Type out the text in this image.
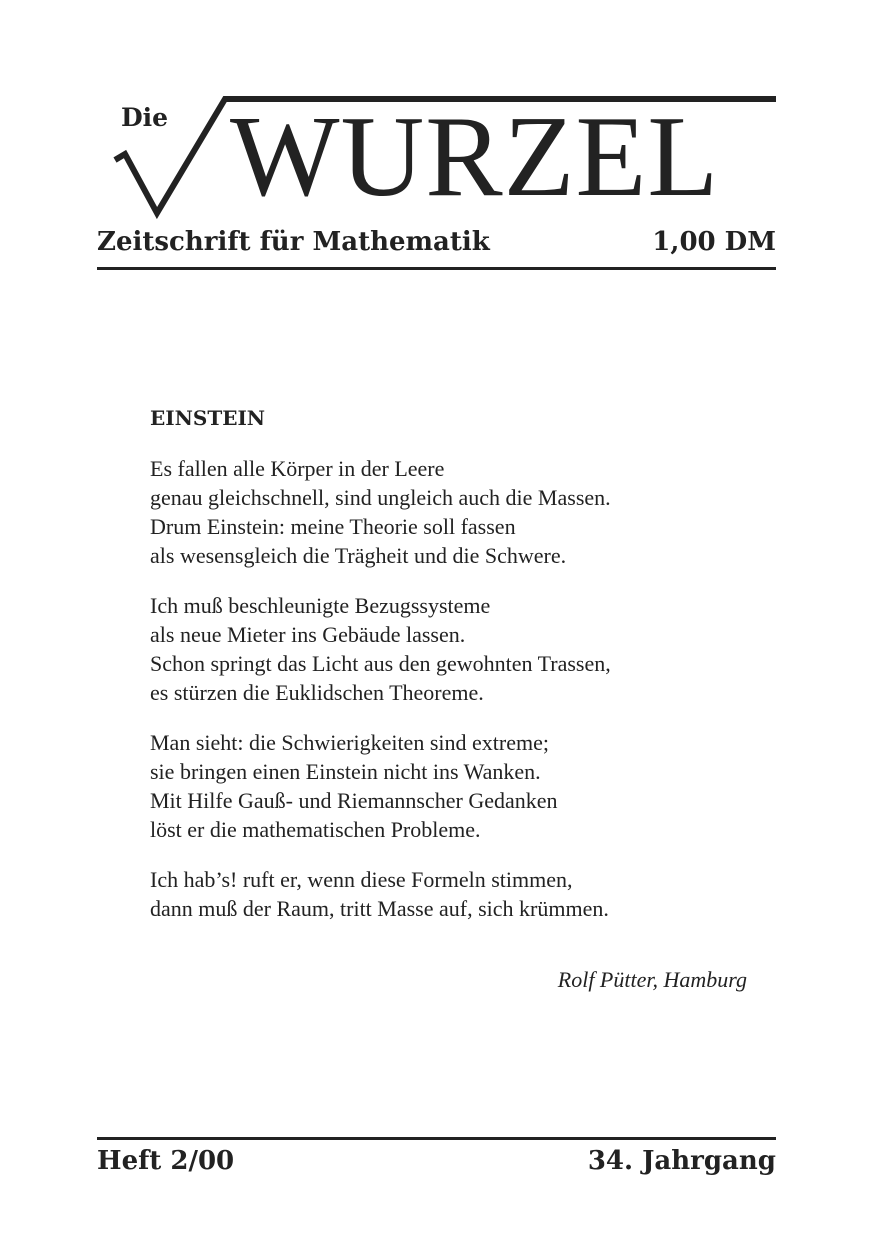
Die WURZEL
Zeitschrift für Mathematik	1,00 DM
EINSTEIN
Es fallen alle Körper in der Leere
genau gleichschnell, sind ungleich auch die Massen.
Drum Einstein: meine Theorie soll fassen
als wesensgleich die Trägheit und die Schwere.
Ich muß beschleunigte Bezugssysteme
als neue Mieter ins Gebäude lassen.
Schon springt das Licht aus den gewohnten Trassen,
es stürzen die Euklidschen Theoreme.
Man sieht: die Schwierigkeiten sind extreme;
sie bringen einen Einstein nicht ins Wanken.
Mit Hilfe Gauß- und Riemannscher Gedanken
löst er die mathematischen Probleme.
Ich hab’s! ruft er, wenn diese Formeln stimmen,
dann muß der Raum, tritt Masse auf, sich krümmen.
Rolf Pütter, Hamburg
Heft 2/00	34. Jahrgang
